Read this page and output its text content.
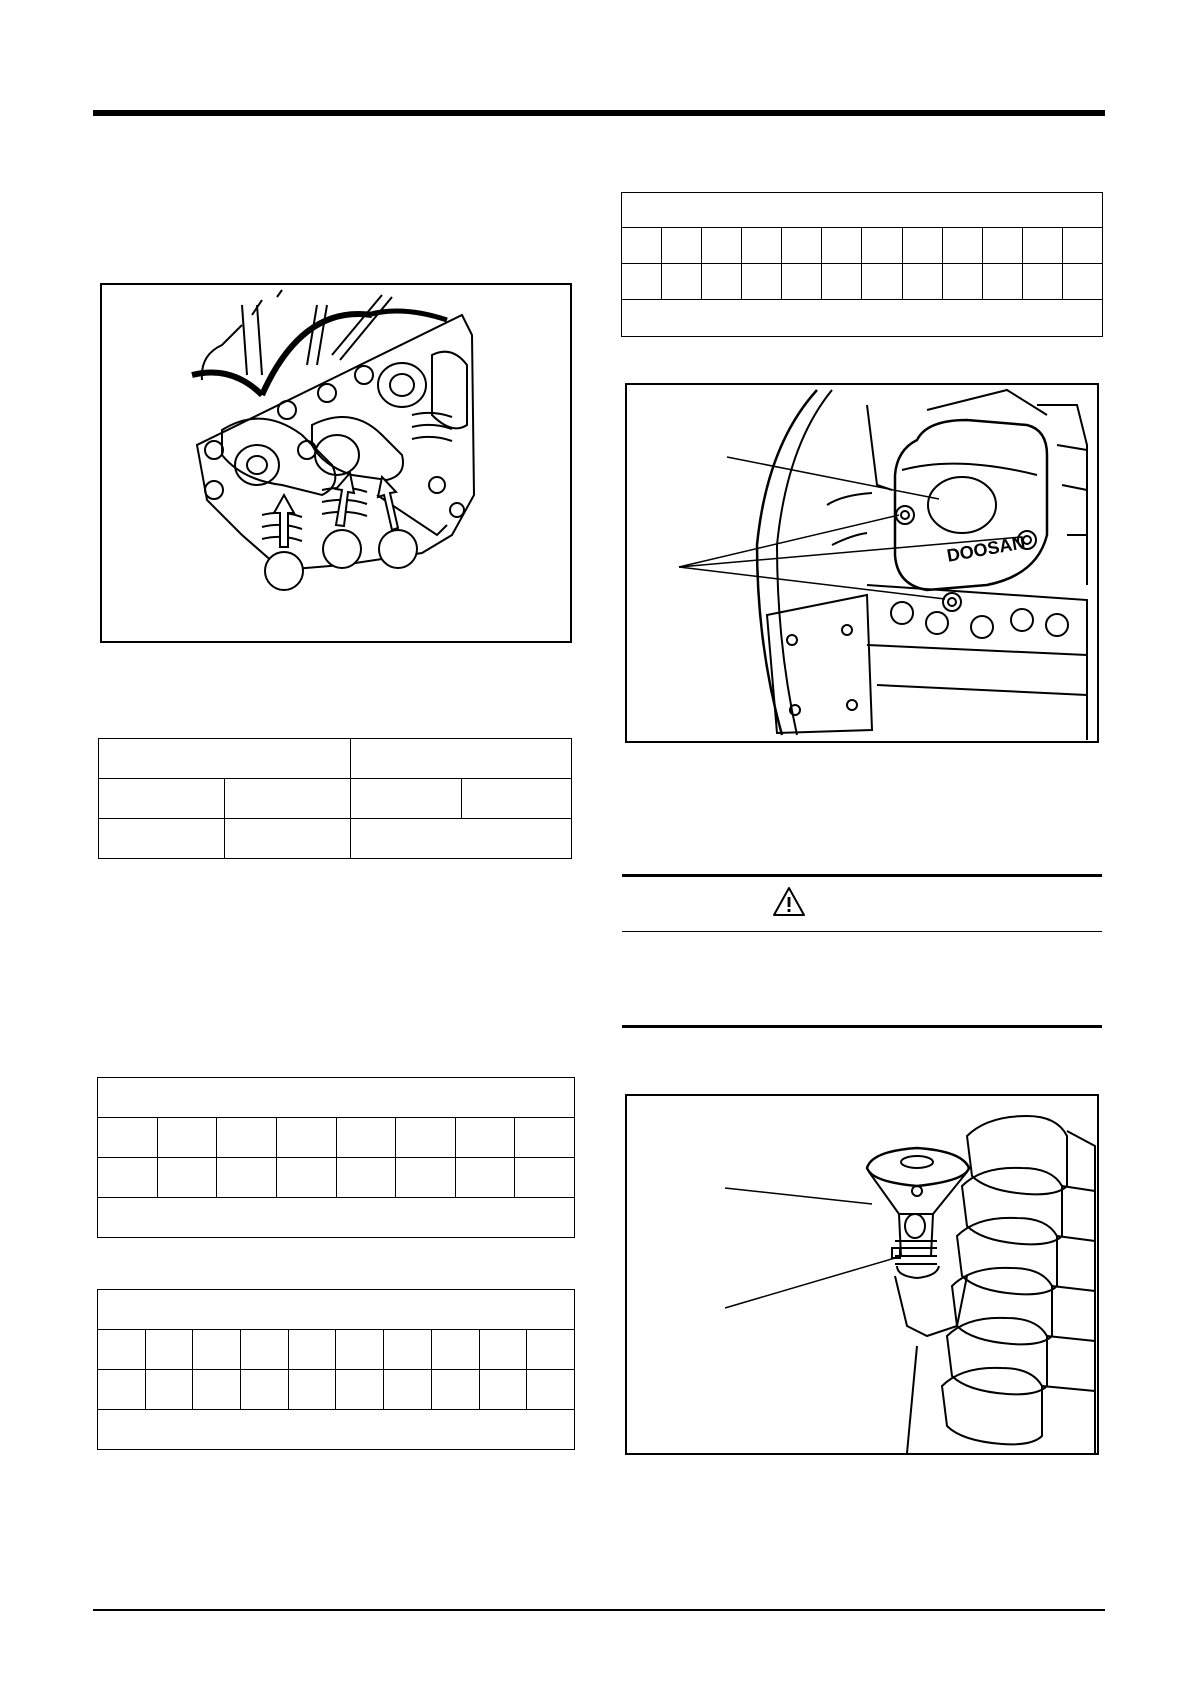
DOOSAN
